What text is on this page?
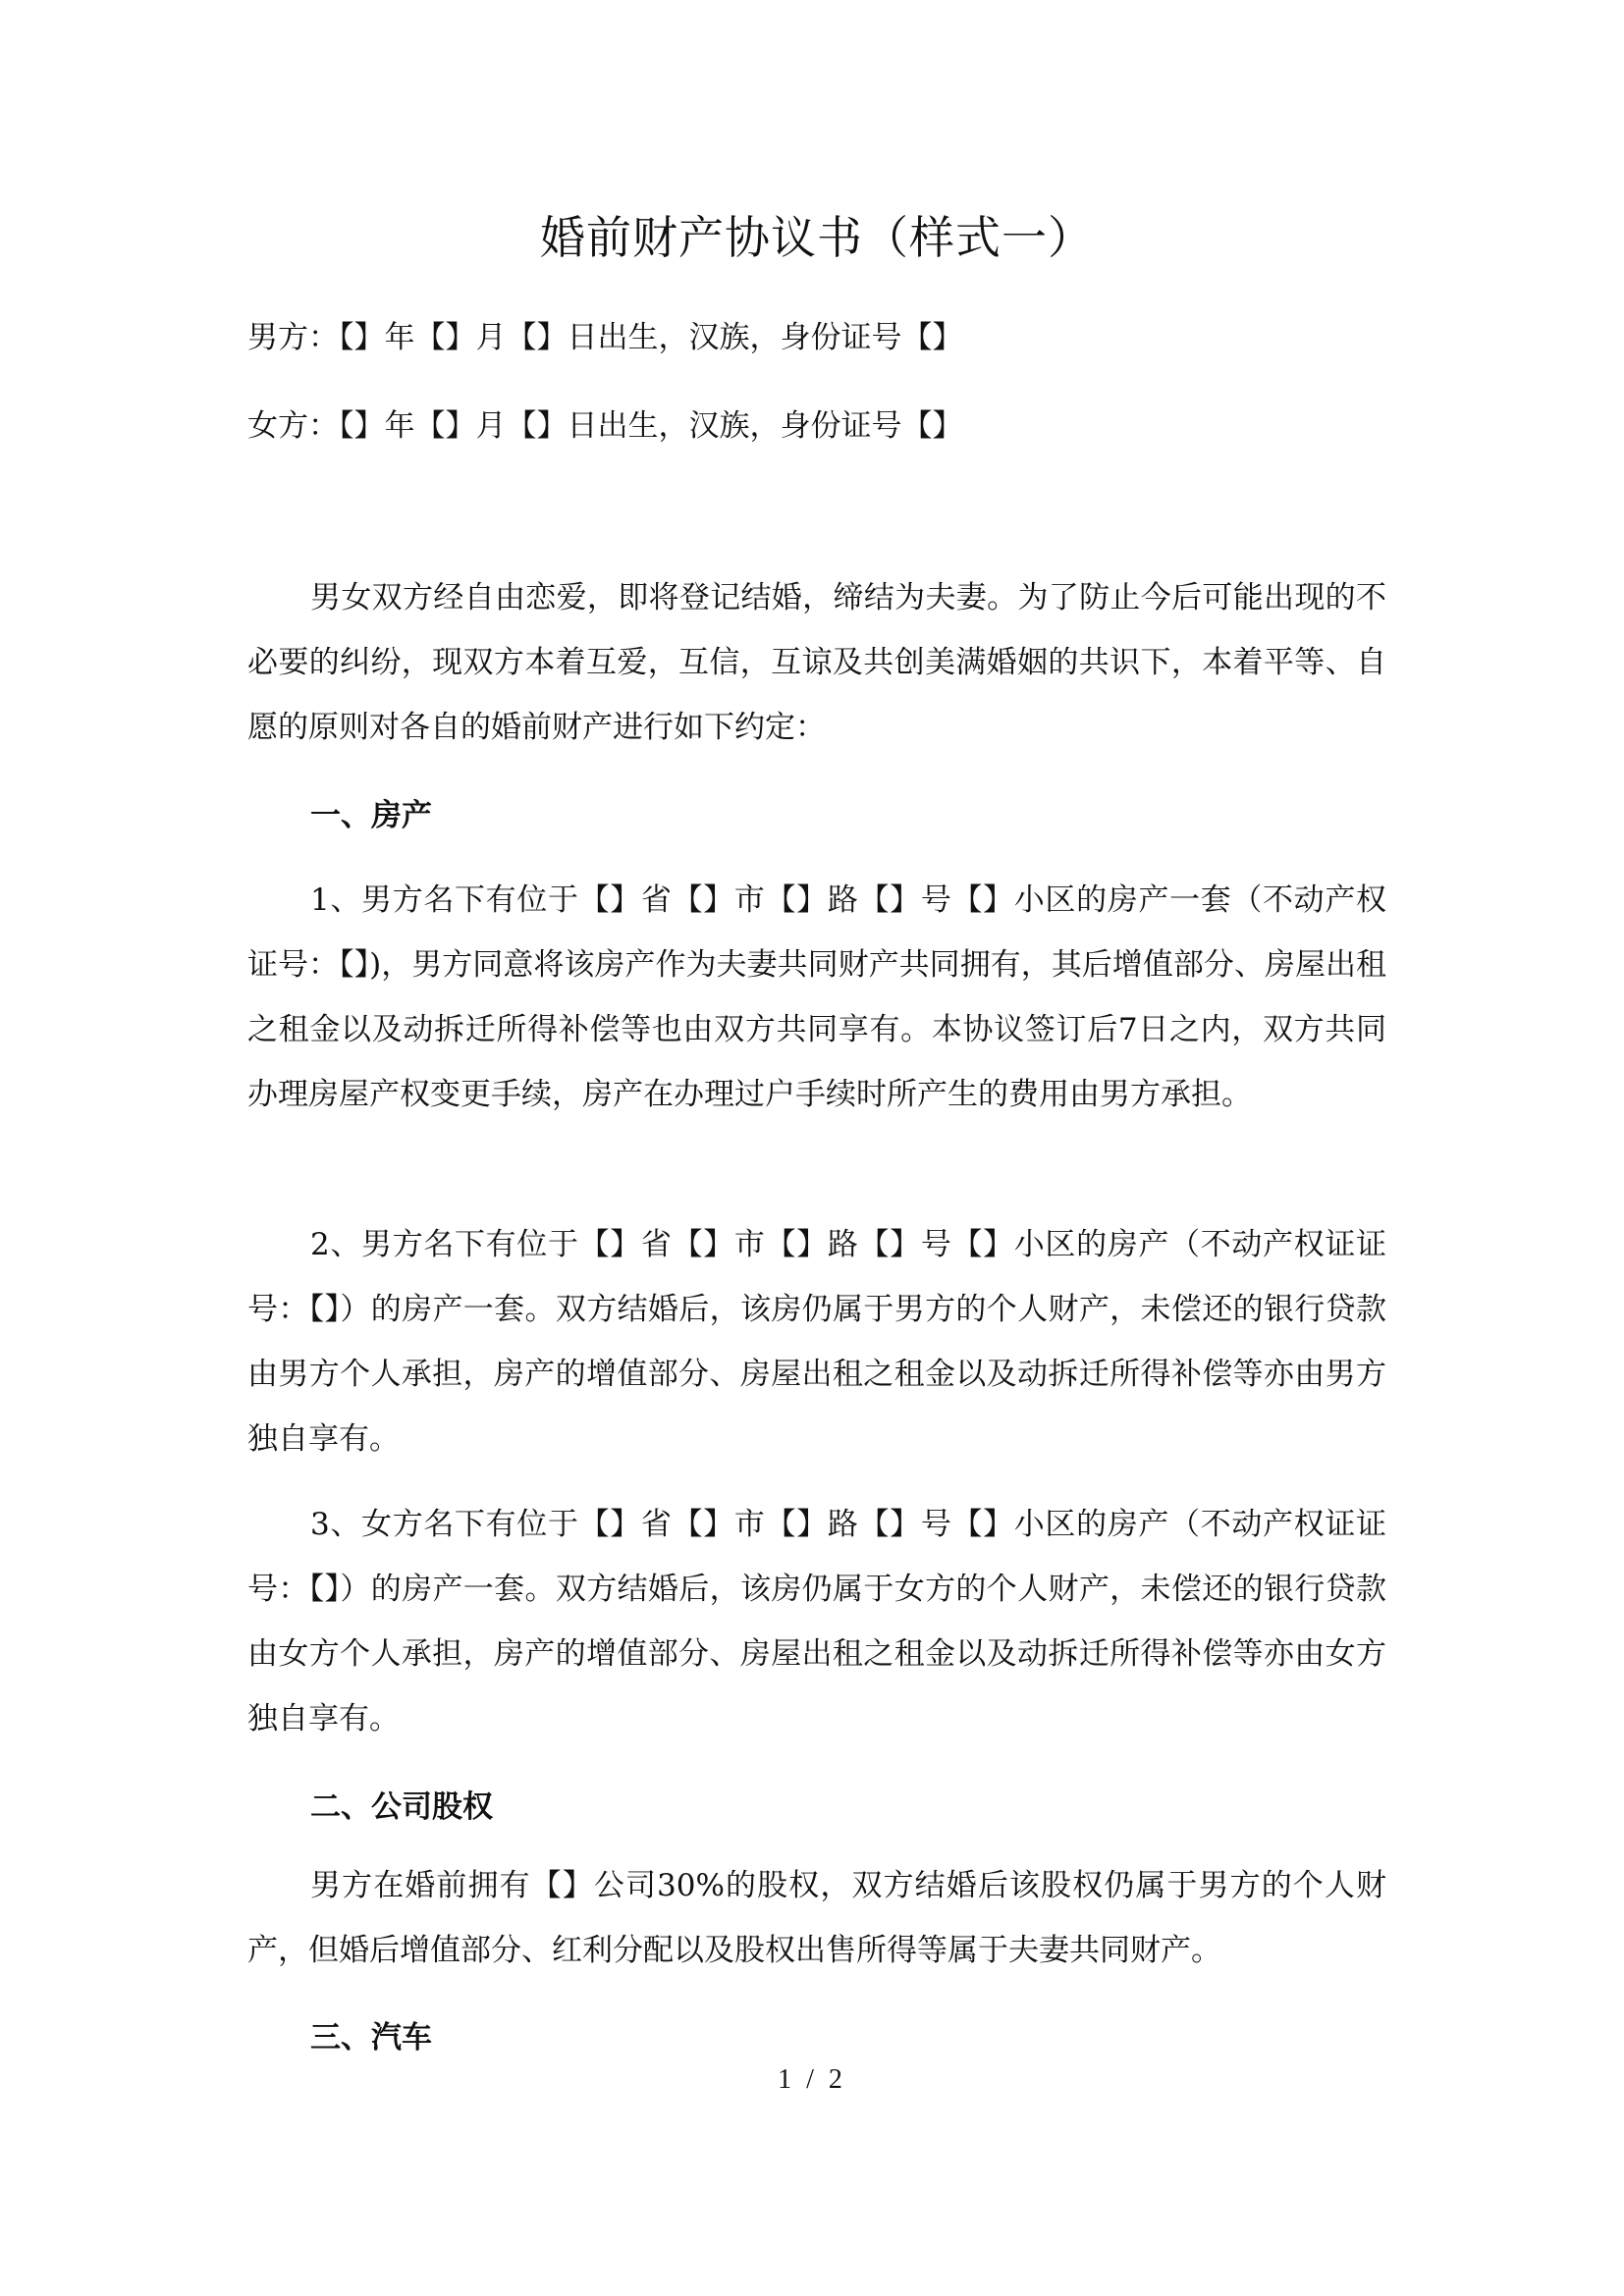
婚前财产协议书（样式一）
男方：【】年【】月【】日出生，汉族，身份证号【】
女方：【】年【】月【】日出生，汉族，身份证号【】
男女双方经自由恋爱，即将登记结婚，缔结为夫妻。为了防止今后可能出现的不必要的纠纷，现双方本着互爱，互信，互谅及共创美满婚姻的共识下，本着平等、自愿的原则对各自的婚前财产进行如下约定：
一、房产
1、男方名下有位于【】省【】市【】路【】号【】小区的房产一套（不动产权证号：【】)，男方同意将该房产作为夫妻共同财产共同拥有，其后增值部分、房屋出租之租金以及动拆迁所得补偿等也由双方共同享有。本协议签订后7日之内，双方共同办理房屋产权变更手续，房产在办理过户手续时所产生的费用由男方承担。
2、男方名下有位于【】省【】市【】路【】号【】小区的房产（不动产权证证号：【】）的房产一套。双方结婚后，该房仍属于男方的个人财产，未偿还的银行贷款由男方个人承担，房产的增值部分、房屋出租之租金以及动拆迁所得补偿等亦由男方独自享有。
3、女方名下有位于【】省【】市【】路【】号【】小区的房产（不动产权证证号：【】）的房产一套。双方结婚后，该房仍属于女方的个人财产，未偿还的银行贷款由女方个人承担，房产的增值部分、房屋出租之租金以及动拆迁所得补偿等亦由女方独自享有。
二、公司股权
男方在婚前拥有【】公司30%的股权，双方结婚后该股权仍属于男方的个人财产，但婚后增值部分、红利分配以及股权出售所得等属于夫妻共同财产。
三、汽车
1 / 2
